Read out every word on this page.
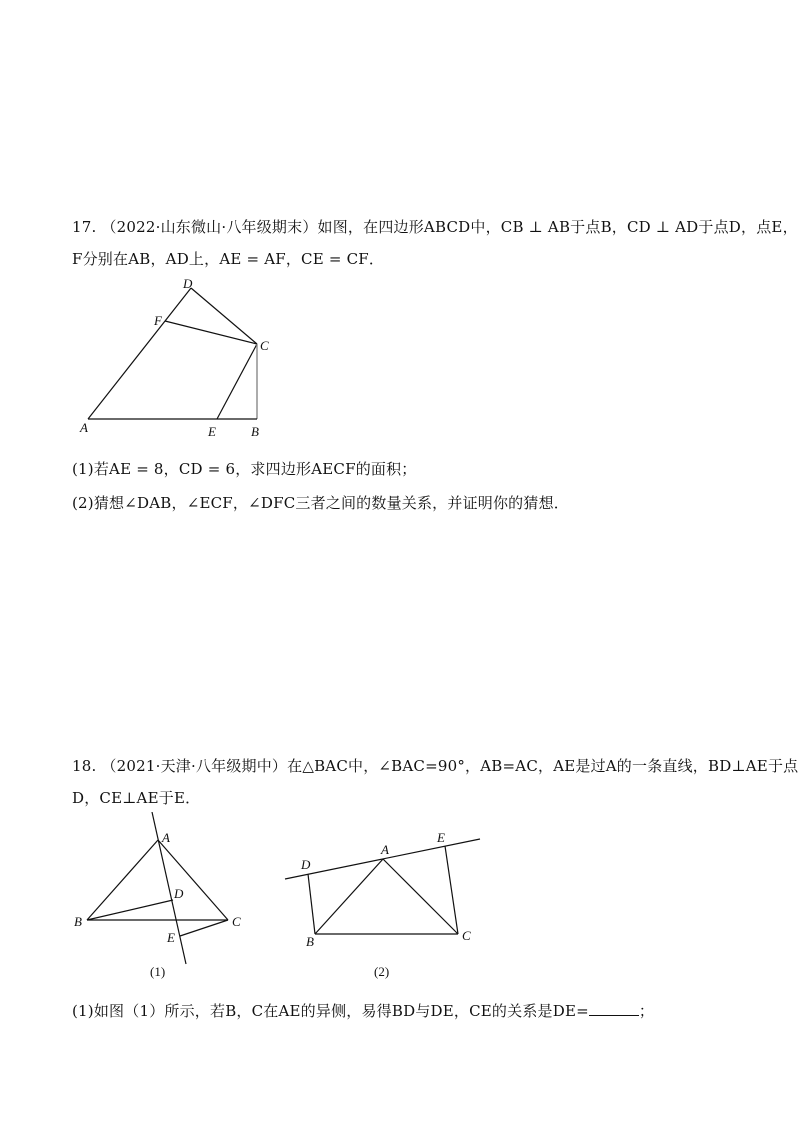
17. （2022·山东微山·八年级期末）如图，在四边形ABCD中，CB ⊥ AB于点B，CD ⊥ AD于点D，点E，
F分别在AB，AD上，AE = AF，CE = CF．
D
F
C
A	E	B
(1)若AE = 8，CD = 6，求四边形AECF的面积；
(2)猜想∠DAB，∠ECF，∠DFC三者之间的数量关系，并证明你的猜想．
18. （2021·天津·八年级期中）在△BAC中，∠BAC=90°，AB=AC，AE是过A的一条直线，BD⊥AE于点
D，CE⊥AE于E．
A
D
B	C
E
(1)
D
A
E
B	C
(2)
(1)如图（1）所示，若B，C在AE的异侧，易得BD与DE，CE的关系是DE=	；
